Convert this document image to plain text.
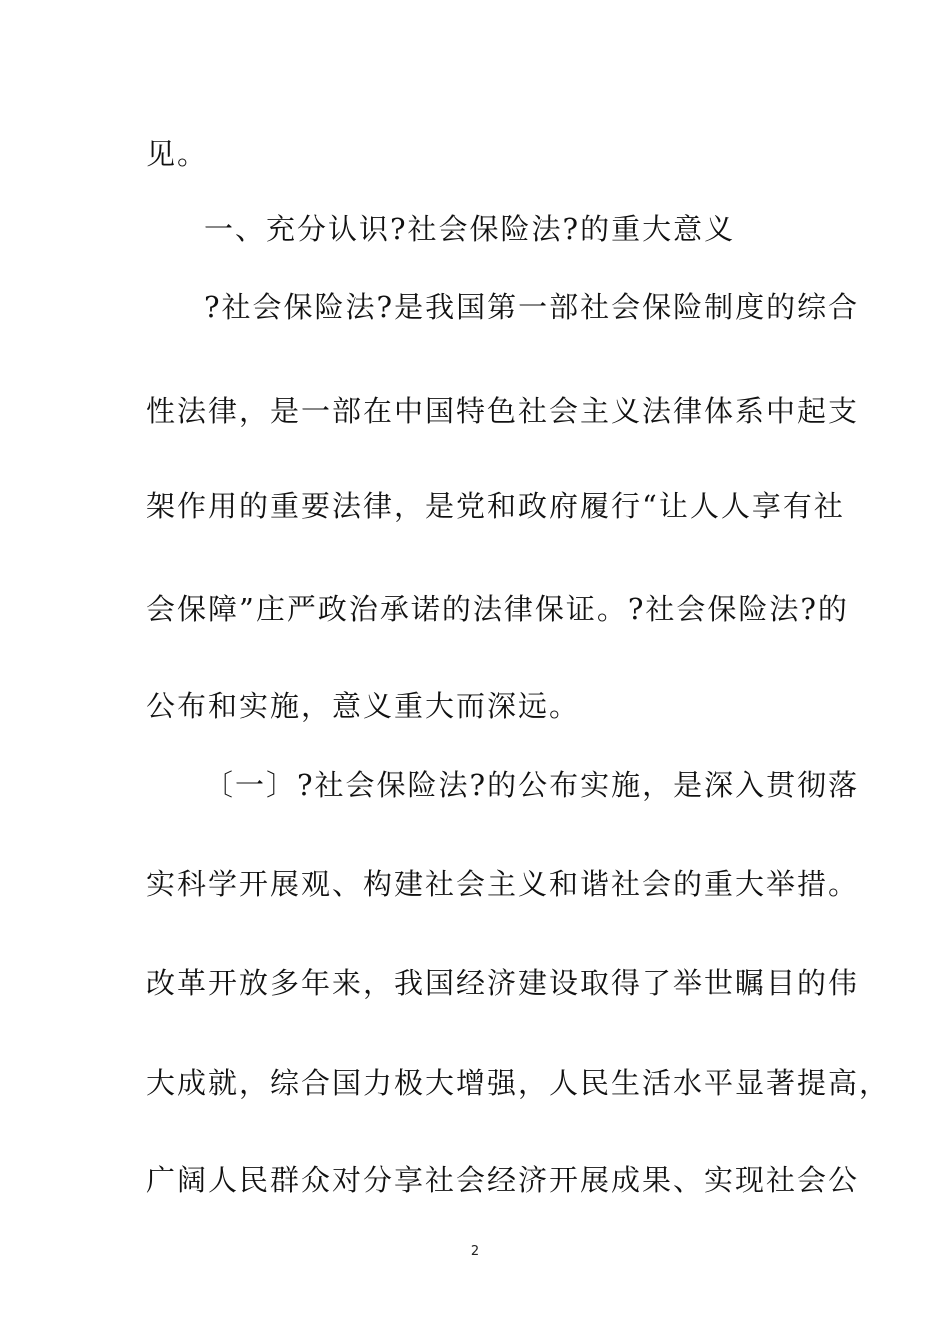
见。
一、充分认识?社会保险法?的重大意义
?社会保险法?是我国第一部社会保险制度的综合
性法律，是一部在中国特色社会主义法律体系中起支
架作用的重要法律，是党和政府履行“让人人享有社
会保障”庄严政治承诺的法律保证。?社会保险法?的
公布和实施，意义重大而深远。
〔一〕?社会保险法?的公布实施，是深入贯彻落
实科学开展观、构建社会主义和谐社会的重大举措。
改革开放多年来，我国经济建设取得了举世瞩目的伟
大成就，综合国力极大增强，人民生活水平显著提高，
广阔人民群众对分享社会经济开展成果、实现社会公
2
